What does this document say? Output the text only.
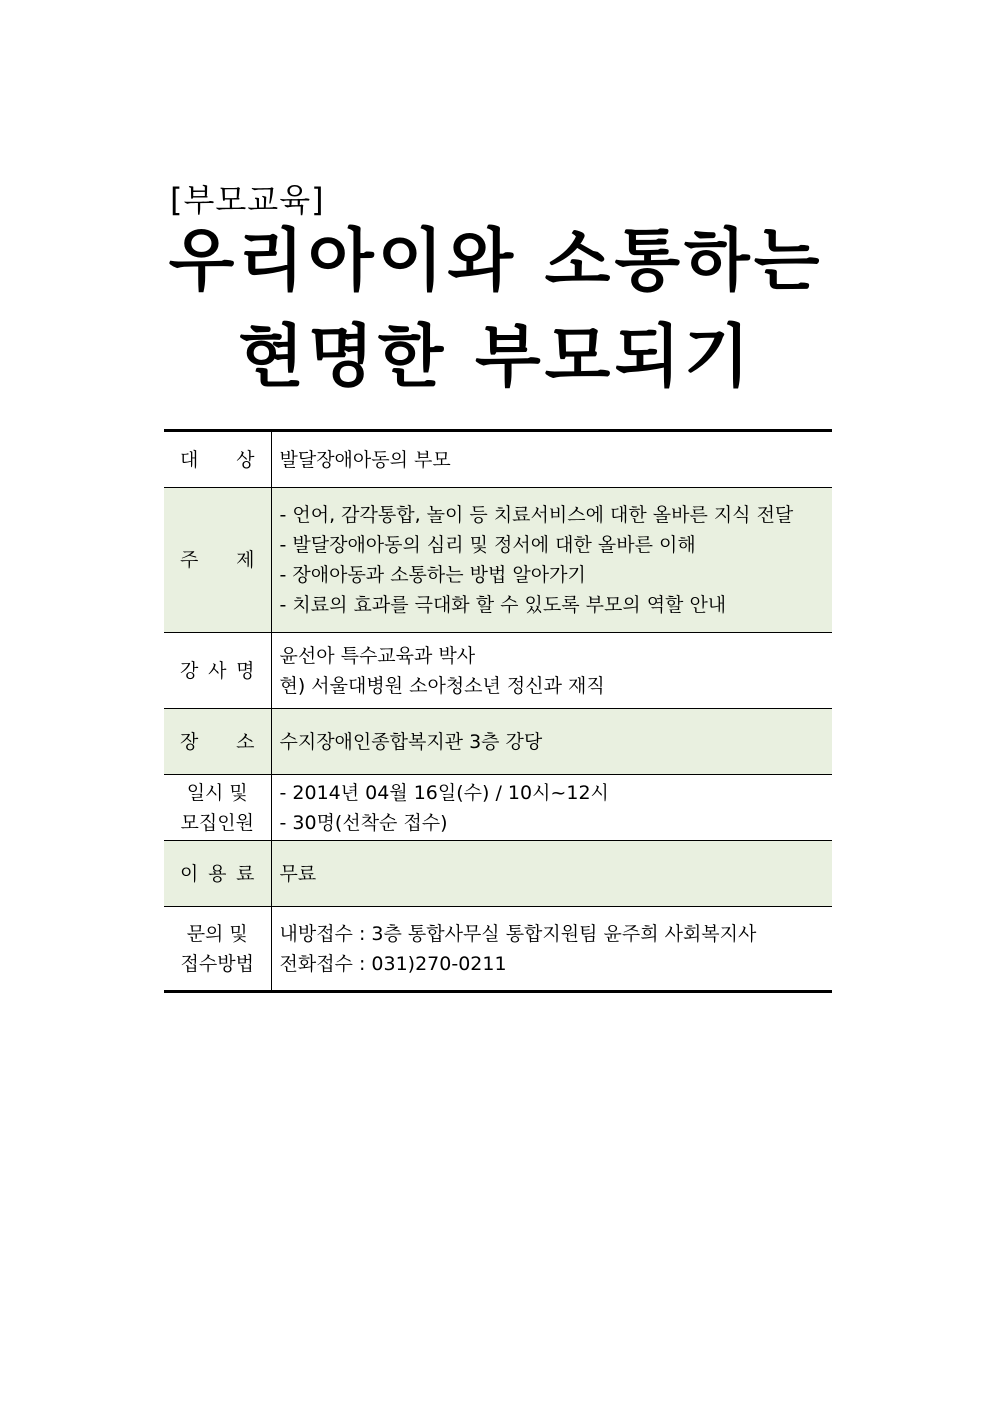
[부모교육]
우리아이와 소통하는
현명한 부모되기
대 상	발달장애아동의 부모

주 제	- 언어, 감각통합, 놀이 등 치료서비스에 대한 올바른 지식 전달
- 발달장애아동의 심리 및 정서에 대한 올바른 이해
- 장애아동과 소통하는 방법 알아가기
- 치료의 효과를 극대화 할 수 있도록 부모의 역할 안내

강 사 명	윤선아 특수교육과 박사
현) 서울대병원 소아청소년 정신과 재직

장 소	수지장애인종합복지관 3층 강당

일시 및
모집인원	- 2014년 04월 16일(수) / 10시~12시
- 30명(선착순 접수)

이 용 료	무료

문의 및
접수방법	내방접수 : 3층 통합사무실 통합지원팀 윤주희 사회복지사
전화접수 : 031)270-0211
